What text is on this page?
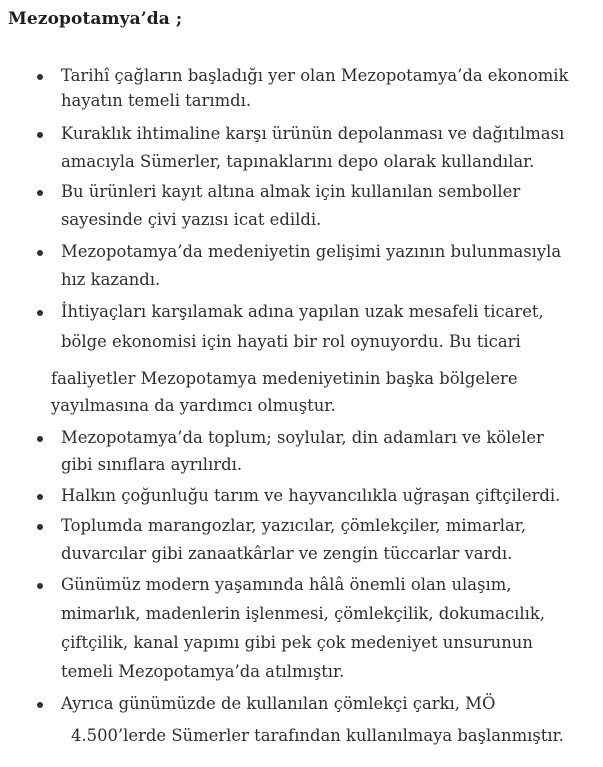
Mezopotamya’da ;
Tarihî çağların başladığı yer olan Mezopotamya’da ekonomik
hayatın temeli tarımdı.
Kuraklık ihtimaline karşı ürünün depolanması ve dağıtılması
amacıyla Sümerler, tapınaklarını depo olarak kullandılar.
Bu ürünleri kayıt altına almak için kullanılan semboller
sayesinde çivi yazısı icat edildi.
Mezopotamya’da medeniyetin gelişimi yazının bulunmasıyla
hız kazandı.
İhtiyaçları karşılamak adına yapılan uzak mesafeli ticaret,
bölge ekonomisi için hayati bir rol oynuyordu. Bu ticari
faaliyetler Mezopotamya medeniyetinin başka bölgelere
yayılmasına da yardımcı olmuştur.
Mezopotamya’da toplum; soylular, din adamları ve köleler
gibi sınıflara ayrılırdı.
Halkın çoğunluğu tarım ve hayvancılıkla uğraşan çiftçilerdi.
Toplumda marangozlar, yazıcılar, çömlekçiler, mimarlar,
duvarcılar gibi zanaatkârlar ve zengin tüccarlar vardı.
Günümüz modern yaşamında hâlâ önemli olan ulaşım,
mimarlık, madenlerin işlenmesi, çömlekçilik, dokumacılık,
çiftçilik, kanal yapımı gibi pek çok medeniyet unsurunun
temeli Mezopotamya’da atılmıştır.
Ayrıca günümüzde de kullanılan çömlekçi çarkı, MÖ
4.500’lerde Sümerler tarafından kullanılmaya başlanmıştır.
